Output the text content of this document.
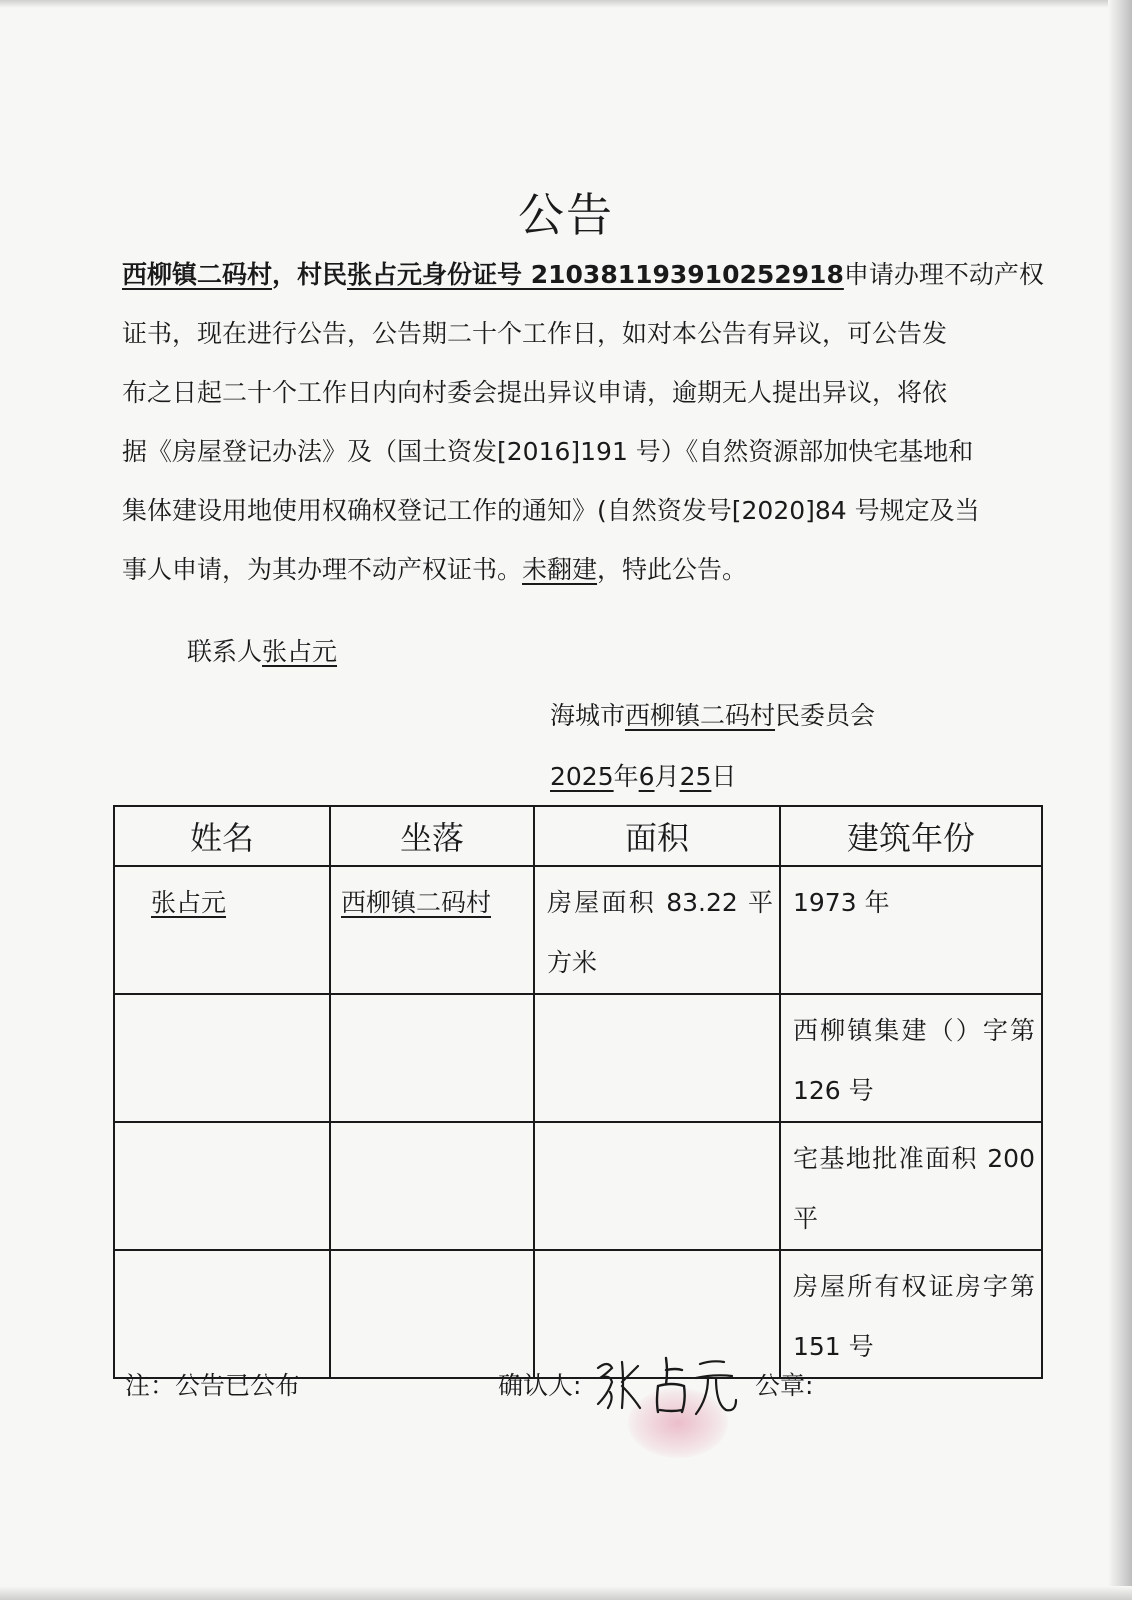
公告
西柳镇二码村，村民张占元身份证号 210381193910252918申请办理不动产权
证书，现在进行公告，公告期二十个工作日，如对本公告有异议，可公告发
布之日起二十个工作日内向村委会提出异议申请，逾期无人提出异议，将依
据《房屋登记办法》及（国土资发[2016]191 号）《自然资源部加快宅基地和
集体建设用地使用权确权登记工作的通知》(自然资发号[2020]84 号规定及当
事人申请，为其办理不动产权证书。未翻建，特此公告。
联系人张占元
海城市西柳镇二码村民委员会
2025年6月25日
姓名	坐落	面积	建筑年份

张占元	西柳镇二码村	房屋面积 83.22 平方米	1973 年

			西柳镇集建（）字第 126 号

			宅基地批准面积 200 平

			房屋所有权证房字第 151 号
注：公告已公布	确认人:	公章:
